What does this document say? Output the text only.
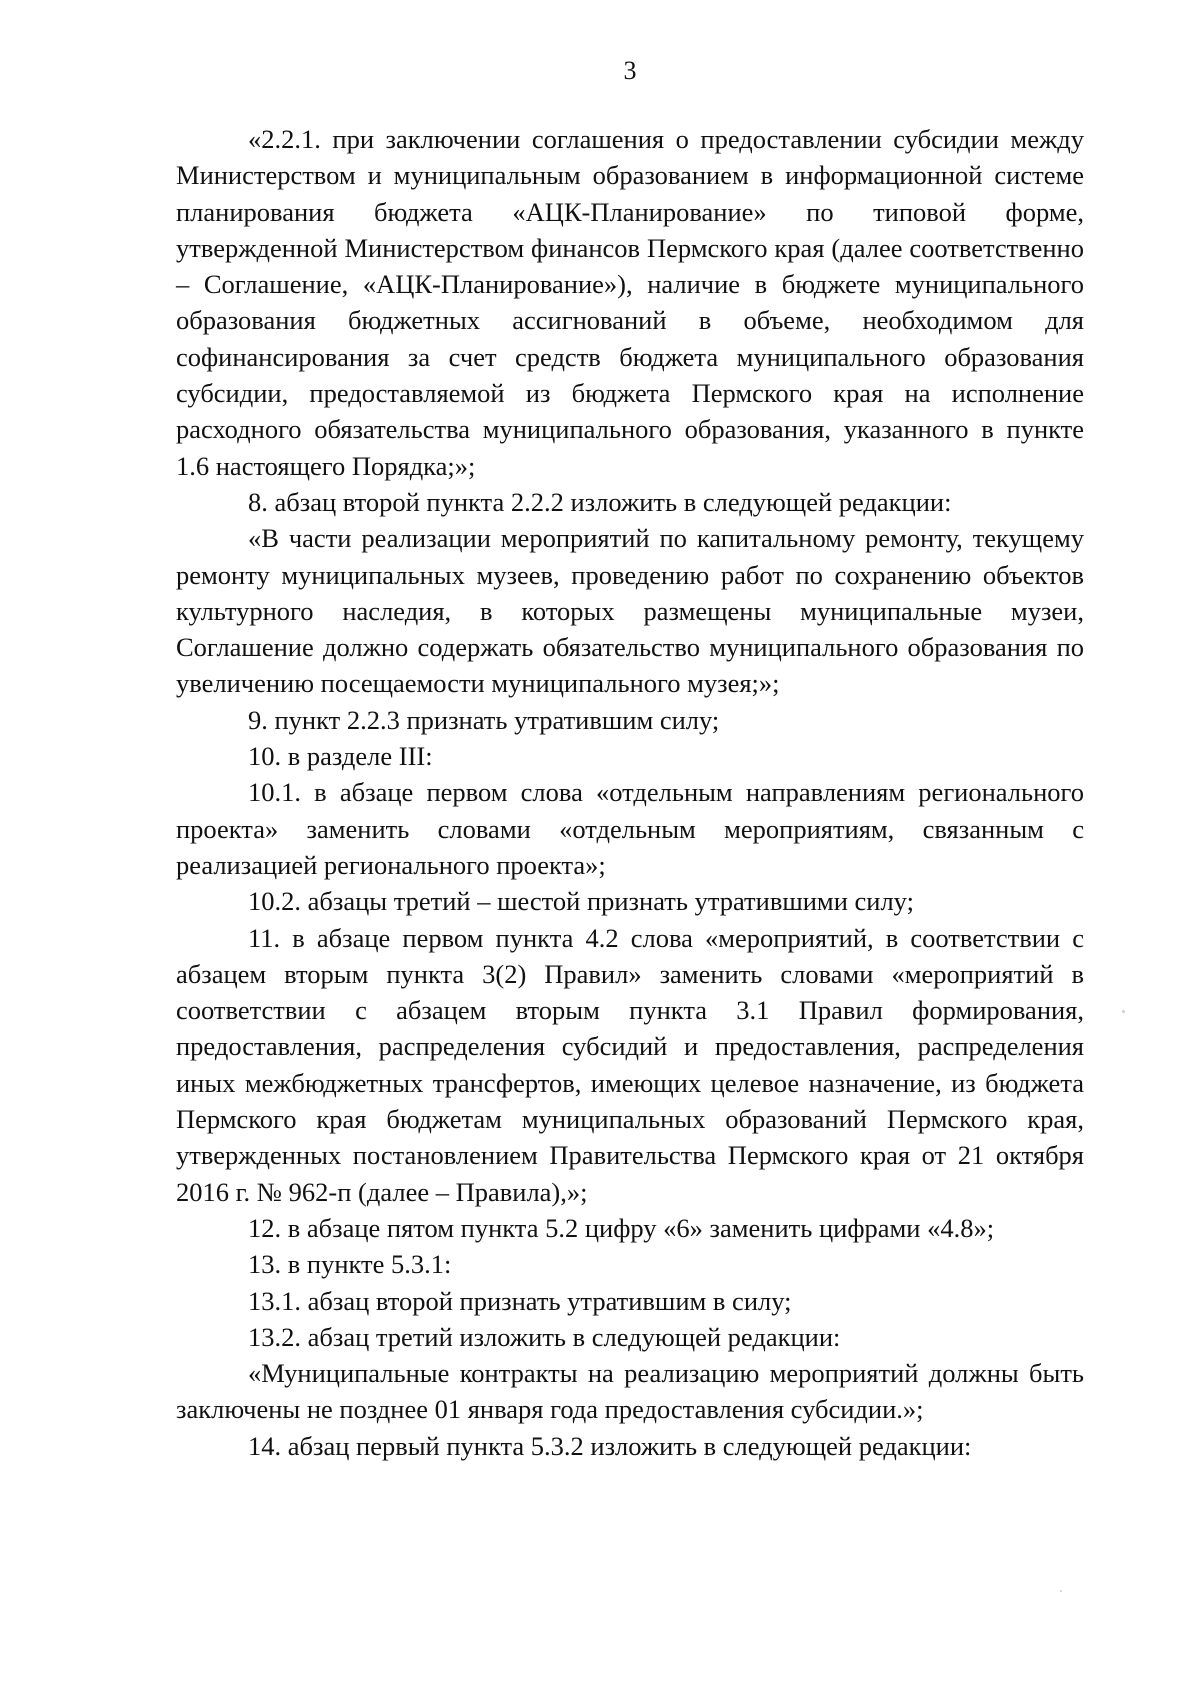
3

«2.2.1. при заключении соглашения о предоставлении субсидии между Министерством и муниципальным образованием в информационной системе планирования бюджета «АЦК-Планирование» по типовой форме, утвержденной Министерством финансов Пермского края (далее соответственно – Соглашение, «АЦК-Планирование»), наличие в бюджете муниципального образования бюджетных ассигнований в объеме, необходимом для софинансирования за счет средств бюджета муниципального образования субсидии, предоставляемой из бюджета Пермского края на исполнение расходного обязательства муниципального образования, указанного в пункте 1.6 настоящего Порядка;»;

8. абзац второй пункта 2.2.2 изложить в следующей редакции:

«В части реализации мероприятий по капитальному ремонту, текущему ремонту муниципальных музеев, проведению работ по сохранению объектов культурного наследия, в которых размещены муниципальные музеи, Соглашение должно содержать обязательство муниципального образования по увеличению посещаемости муниципального музея;»;

9. пункт 2.2.3 признать утратившим силу;

10. в разделе III:

10.1. в абзаце первом слова «отдельным направлениям регионального проекта» заменить словами «отдельным мероприятиям, связанным с реализацией регионального проекта»;

10.2. абзацы третий – шестой признать утратившими силу;

11. в абзаце первом пункта 4.2 слова «мероприятий, в соответствии с абзацем вторым пункта 3(2) Правил» заменить словами «мероприятий в соответствии с абзацем вторым пункта 3.1 Правил формирования, предоставления, распределения субсидий и предоставления, распределения иных межбюджетных трансфертов, имеющих целевое назначение, из бюджета Пермского края бюджетам муниципальных образований Пермского края, утвержденных постановлением Правительства Пермского края от 21 октября 2016 г. № 962-п (далее – Правила),»;

12. в абзаце пятом пункта 5.2 цифру «6» заменить цифрами «4.8»;

13. в пункте 5.3.1:

13.1. абзац второй признать утратившим в силу;

13.2. абзац третий изложить в следующей редакции:

«Муниципальные контракты на реализацию мероприятий должны быть заключены не позднее 01 января года предоставления субсидии.»;

14. абзац первый пункта 5.3.2 изложить в следующей редакции:
